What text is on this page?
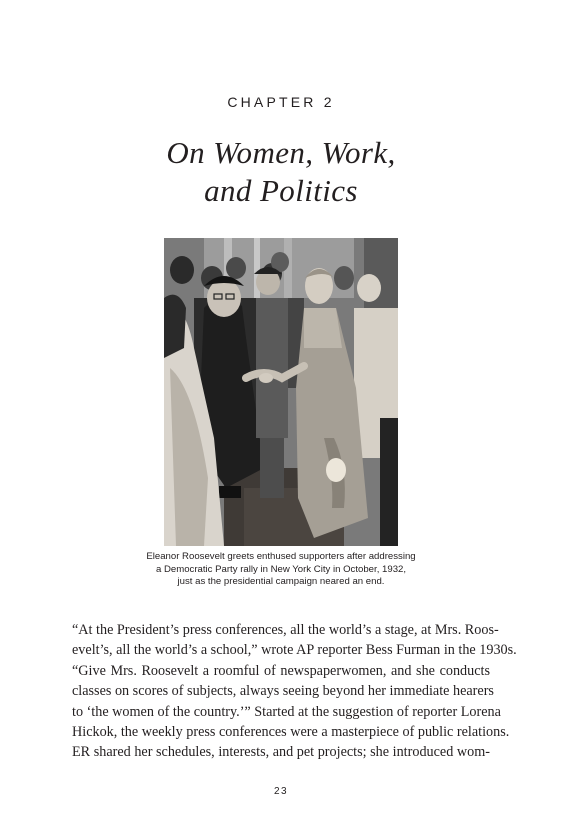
CHAPTER 2
On Women, Work,
and Politics
Eleanor Roosevelt greets enthused supporters after addressing
a Democratic Party rally in New York City in October, 1932,
just as the presidential campaign neared an end.
“At the President’s press conferences, all the world’s a stage, at Mrs. Roos-
evelt’s, all the world’s a school,” wrote AP reporter Bess Furman in the 1930s.
“Give Mrs. Roosevelt a roomful of newspaperwomen, and she conducts
classes on scores of subjects, always seeing beyond her immediate hearers
to ‘the women of the country.’” Started at the suggestion of reporter Lorena
Hickok, the weekly press conferences were a masterpiece of public relations.
ER shared her schedules, interests, and pet projects; she introduced wom-
23
